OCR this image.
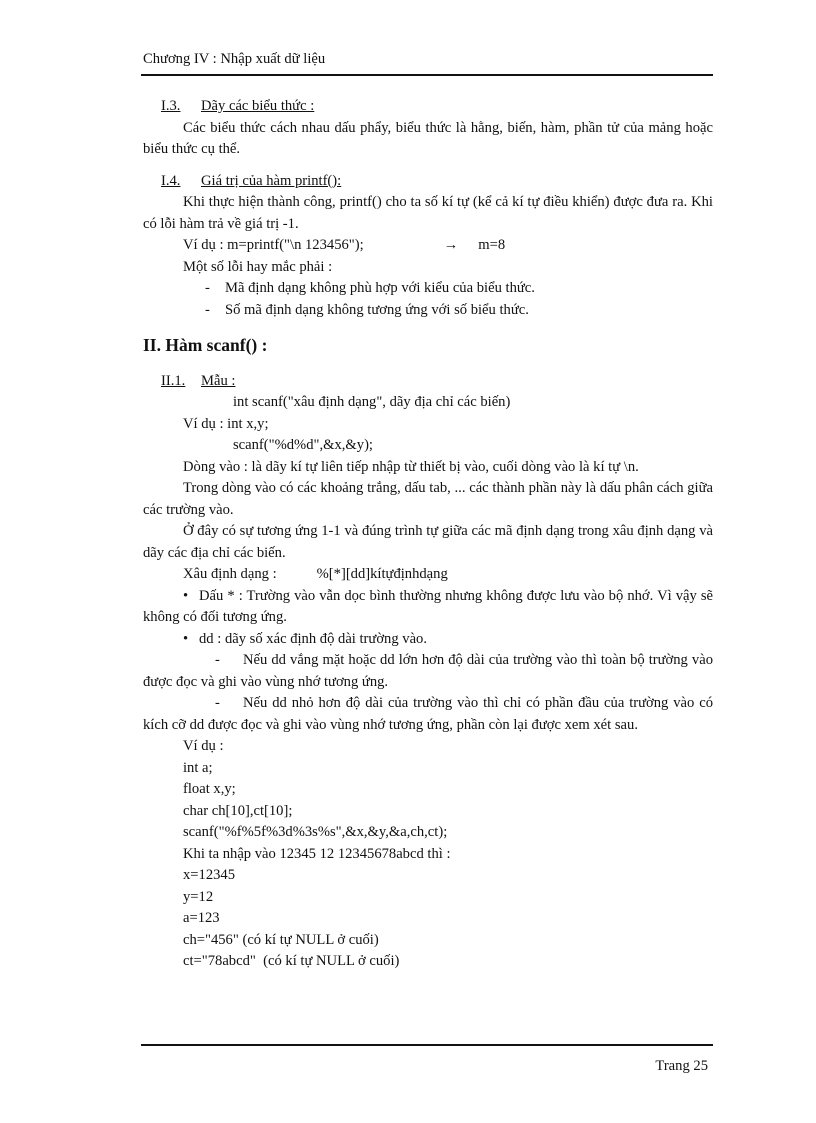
Chương IV : Nhập xuất dữ liệu

I.3. Dãy các biểu thức :

Các biểu thức cách nhau dấu phẩy, biểu thức là hằng, biến, hàm, phần tử của mảng hoặc biểu thức cụ thể.

I.4. Giá trị của hàm printf():

Khi thực hiện thành công, printf() cho ta số kí tự (kể cả kí tự điều khiển) được đưa ra. Khi có lỗi hàm trả về giá trị -1.

Ví dụ : m=printf("\n 123456");	→ m=8

Một số lỗi hay mắc phải :

- Mã định dạng không phù hợp với kiểu của biểu thức.

- Số mã định dạng không tương ứng với số biểu thức.

II. Hàm scanf() :

II.1. Mẫu :

int scanf("xâu định dạng", dãy địa chỉ các biến)

Ví dụ : int x,y;

scanf("%d%d",&x,&y);

Dòng vào : là dãy kí tự liên tiếp nhập từ thiết bị vào, cuối dòng vào là kí tự \n.

Trong dòng vào có các khoảng trắng, dấu tab, ... các thành phần này là dấu phân cách giữa các trường vào.

Ở đây có sự tương ứng 1-1 và đúng trình tự giữa các mã định dạng trong xâu định dạng và dãy các địa chỉ các biến.

Xâu định dạng :	%[*][dd]kítựđịnhdạng

• Dấu * : Trường vào vẫn dọc bình thường nhưng không được lưu vào bộ nhớ. Vì vậy sẽ không có đối tương ứng.

• dd : dãy số xác định độ dài trường vào.

- Nếu dd vắng mặt hoặc dd lớn hơn độ dài của trường vào thì toàn bộ trường vào được đọc và ghi vào vùng nhớ tương ứng.

- Nếu dd nhỏ hơn độ dài của trường vào thì chỉ có phần đầu của trường vào có kích cỡ dd được đọc và ghi vào vùng nhớ tương ứng, phần còn lại được xem xét sau.

Ví dụ :

int a;

float x,y;

char ch[10],ct[10];

scanf("%f%5f%3d%3s%s",&x,&y,&a,ch,ct);

Khi ta nhập vào 12345 12 12345678abcd thì :

x=12345

y=12

a=123

ch="456" (có kí tự NULL ở cuối)

ct="78abcd"  (có kí tự NULL ở cuối)

Trang 25
